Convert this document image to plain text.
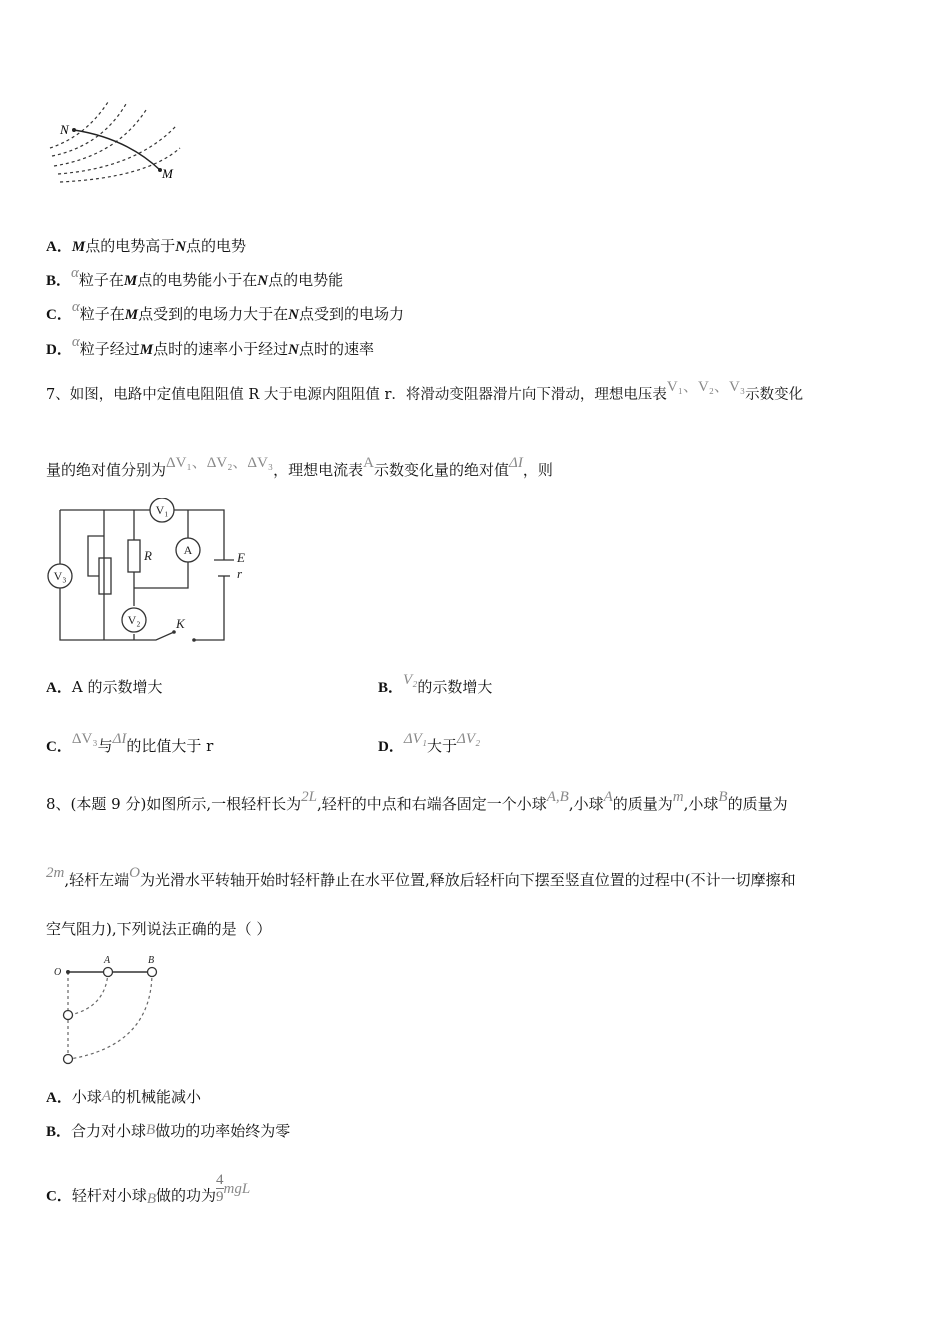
N
M
A．M点的电势高于N点的电势
B．α粒子在M点的电势能小于在N点的电势能
C．α粒子在M点受到的电场力大于在N点受到的电场力
D．α粒子经过M点时的速率小于经过N点时的速率
7、如图，电路中定值电阻阻值 R 大于电源内阻阻值 r．将滑动变阻器滑片向下滑动，理想电压表V₁、V₂、V₃示数变化
量的绝对值分别为ΔV₁、ΔV₂、ΔV₃，理想电流表A示数变化量的绝对值ΔI，则
V₁
A
V₃
V₂
R	E
r
K
A．A 的示数增大	B．V₂的示数增大
C．ΔV₃与ΔI的比值大于 r	D．ΔV₁大于ΔV₂
8、(本题 9 分)如图所示,一根轻杆长为2L,轻杆的中点和右端各固定一个小球A,B,小球A的质量为m,小球B的质量为
2m,轻杆左端O为光滑水平转轴开始时轻杆静止在水平位置,释放后轻杆向下摆至竖直位置的过程中(不计一切摩擦和
空气阻力),下列说法正确的是（ ）
O
A	B
A．小球A的机械能减小
B．合力对小球B做功的功率始终为零
C．轻杆对小球B做的功为$\frac{4}{9}mgL$
